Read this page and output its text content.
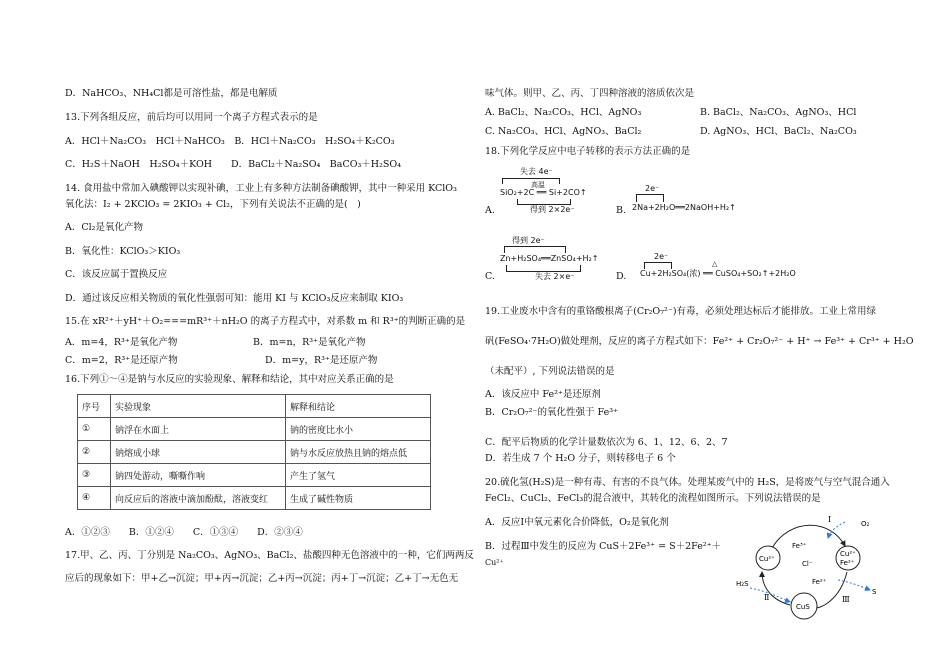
D．NaHCO₃、NH₄Cl都是可溶性盐，都是电解质
13.下列各组反应，前后均可以用同一个离子方程式表示的是
A．HCl＋Na₂CO₃　HCl＋NaHCO₃　B．HCl＋Na₂CO₃　H₂SO₄＋K₂CO₃
C．H₂S＋NaOH　H₂SO₄＋KOH　　D．BaCl₂＋Na₂SO₄　BaCO₃＋H₂SO₄
14. 食用盐中常加入碘酸钾以实现补碘，工业上有多种方法制备碘酸钾，其中一种采用 KClO₃
氧化法：I₂ + 2KClO₃ = 2KIO₃ + Cl₂，下列有关说法不正确的是(　)
A．Cl₂是氧化产物
B．氧化性：KClO₃＞KIO₃
C．该反应属于置换反应
D．通过该反应相关物质的氧化性强弱可知：能用 KI 与 KClO₃反应来制取 KIO₃
15.在 xR²⁺＋yH⁺＋O₂===mR³⁺＋nH₂O 的离子方程式中，对系数 m 和 R³⁺的判断正确的是
A．m=4，R³⁺是氧化产物	B．m=n，R³⁺是氧化产物
C．m=2，R³⁺是还原产物	D．m=y，R³⁺是还原产物
16.下列①～④是钠与水反应的实验现象、解释和结论，其中对应关系正确的是
序号	实验现象	解释和结论
①	钠浮在水面上	钠的密度比水小
②	钠熔成小球	钠与水反应放热且钠的熔点低
③	钠四处游动，嘶嘶作响	产生了氢气
④	向反应后的溶液中滴加酚酞，溶液变红	生成了碱性物质
A．①②③　　B．①②④　　C．①③④　　D．②③④
17.甲、乙、丙、丁分别是 Na₂CO₃、AgNO₃、BaCl₂、盐酸四种无色溶液中的一种，它们两两反
应后的现象如下：甲+乙→沉淀；甲+丙→沉淀；乙+丙→沉淀；丙+丁→沉淀；乙+丁→无色无
味气体。则甲、乙、丙、丁四种溶液的溶质依次是
A. BaCl₂、Na₂CO₃、HCl、AgNO₃	B. BaCl₂、Na₂CO₃、AgNO₃、HCl
C. Na₂CO₃、HCl、AgNO₃、BaCl₂	D. AgNO₃、HCl、BaCl₂、Na₂CO₃
18.下列化学反应中电子转移的表示方法正确的是
A.
失去 4e⁻
高温
SiO₂+2C ══ Si+2CO↑
得到 2×2e⁻	B.
2e⁻
2Na+2H₂O══2NaOH+H₂↑
C.
得到 2e⁻
Zn+H₂SO₄══ZnSO₄+H₂↑
失去 2×e⁻	D.
2e⁻
△
Cu+2H₂SO₄(浓) ══ CuSO₄+SO₂↑+2H₂O
19.工业废水中含有的重铬酸根离子(Cr₂O₇²⁻)有毒，必须处理达标后才能排放。工业上常用绿
矾(FeSO₄·7H₂O)做处理剂，反应的离子方程式如下：Fe²⁺ + Cr₂O₇²⁻ + H⁺ → Fe³⁺ + Cr³⁺ + H₂O
（未配平）, 下列说法错误的是
A．该反应中 Fe²⁺是还原剂
B．Cr₂O₇²⁻的氧化性强于 Fe³⁺
C．配平后物质的化学计量数依次为 6、1、12、6、2、7
D．若生成 7 个 H₂O 分子，则转移电子 6 个
20.硫化氢(H₂S)是一种有毒、有害的不良气体。处理某废气中的 H₂S，是将废气与空气混合通入
FeCl₂、CuCl₂、FeCl₃的混合液中，其转化的流程如图所示。下列说法错误的是
A．反应Ⅰ中氧元素化合价降低，O₂是氧化剂
B．过程Ⅲ中发生的反应为 CuS＋2Fe³⁺ = S＋2Fe²⁺＋
Cu²⁺	Cu²⁺
Fe³⁺
Cl⁻
Cu²⁺
Fe²⁺
Fe²⁺
O₂
H₂S
CuS
S
Ⅰ
Ⅱ	Ⅲ
